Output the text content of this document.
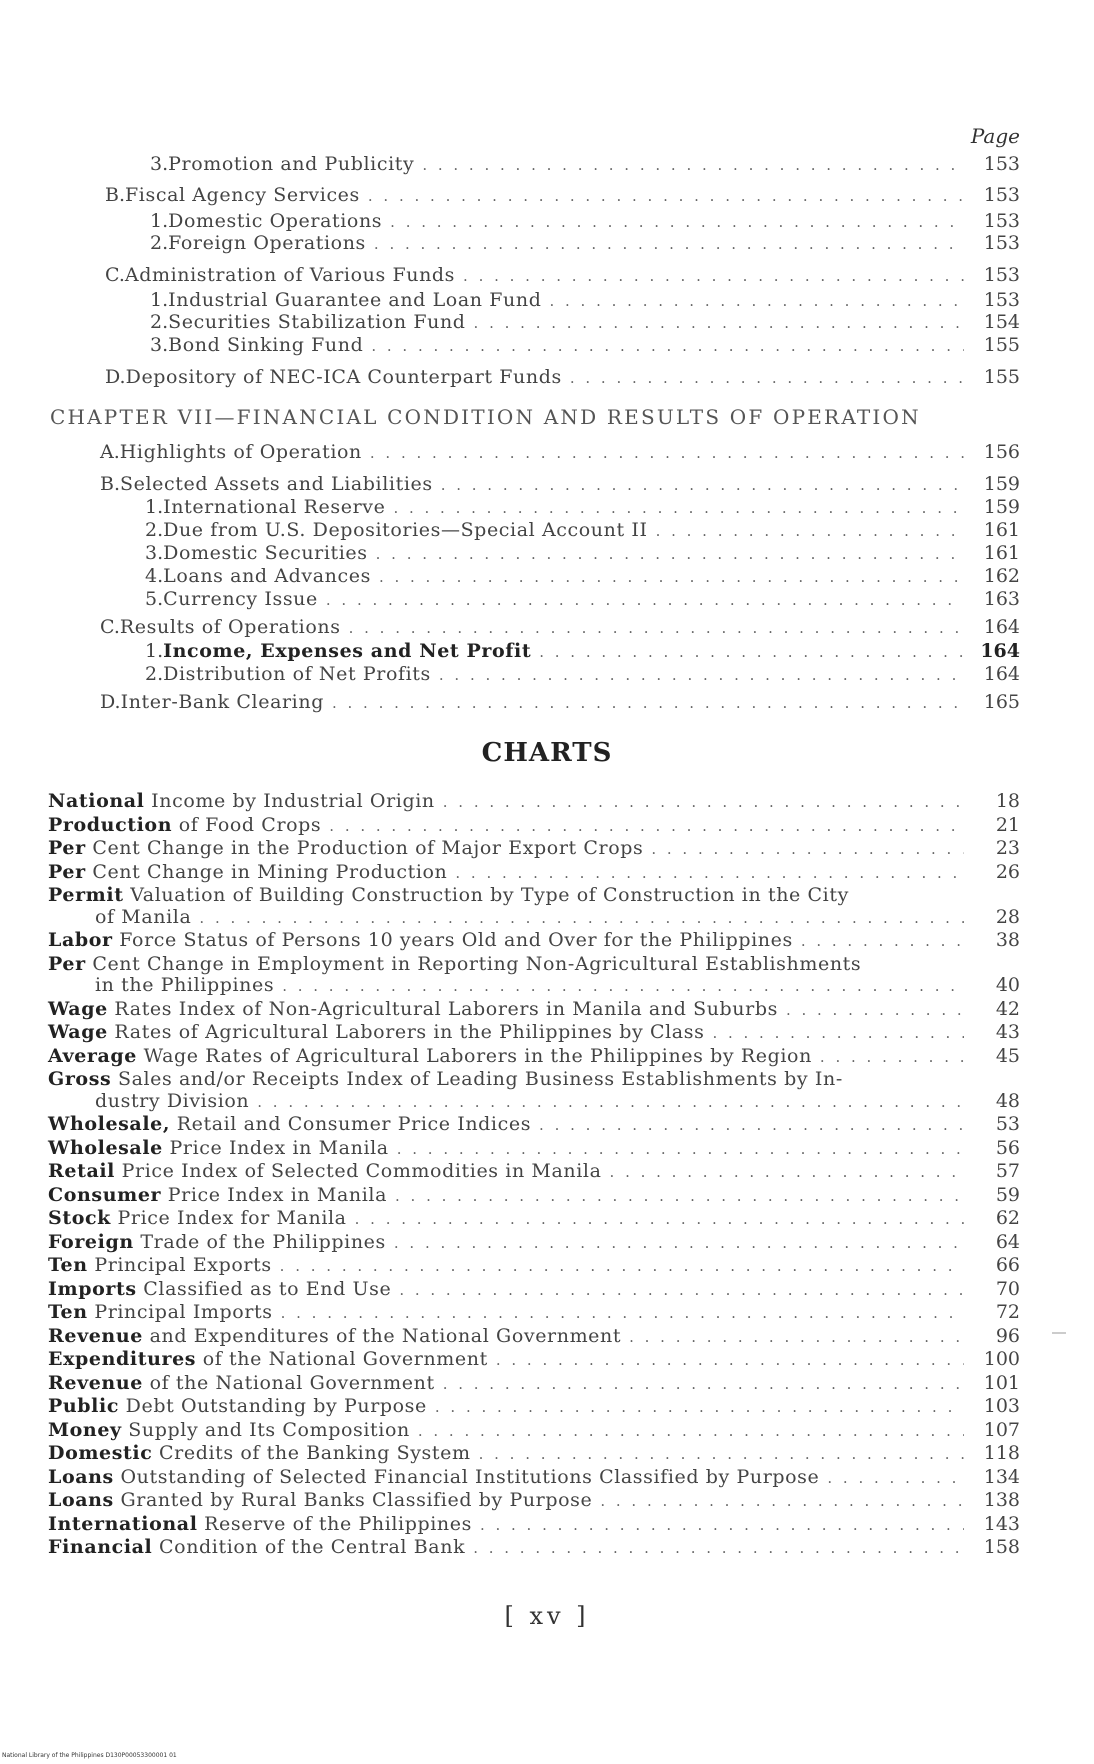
Page
3. Promotion and Publicity . . .	153
B. Fiscal Agency Services . . .	153
1. Domestic Operations . . .	153
2. Foreign Operations . . .	153
C. Administration of Various Funds . . .	153
1. Industrial Guarantee and Loan Fund . . .	153
2. Securities Stabilization Fund . . .	154
3. Bond Sinking Fund . . .	155
D. Depository of NEC-ICA Counterpart Funds . . .	155
A. Highlights of Operation . . .	156
B. Selected Assets and Liabilities . . .	159
1. International Reserve . . .	159
2. Due from U.S. Depositories—Special Account II . . .	161
3. Domestic Securities . . .	161
4. Loans and Advances . . .	162
5. Currency Issue . . .	163
C. Results of Operations . . .	164
1. Income, Expenses and Net Profit . . .	164
2. Distribution of Net Profits . . .	164
D. Inter-Bank Clearing . . .	165
National Income by Industrial Origin . . .	18
Production of Food Crops . . .	21
Per Cent Change in the Production of Major Export Crops . . .	23
Per Cent Change in Mining Production . . .	26
Permit Valuation of Building Construction by Type of Construction in the City
of Manila . . .	28
Labor Force Status of Persons 10 years Old and Over for the Philippines . . .	38
Per Cent Change in Employment in Reporting Non-Agricultural Establishments
in the Philippines . . .	40
Wage Rates Index of Non-Agricultural Laborers in Manila and Suburbs . . .	42
Wage Rates of Agricultural Laborers in the Philippines by Class . . .	43
Average Wage Rates of Agricultural Laborers in the Philippines by Region . . .	45
Gross Sales and/or Receipts Index of Leading Business Establishments by In-
dustry Division . . .	48
Wholesale, Retail and Consumer Price Indices . . .	53
Wholesale Price Index in Manila . . .	56
Retail Price Index of Selected Commodities in Manila . . .	57
Consumer Price Index in Manila . . .	59
Stock Price Index for Manila . . .	62
Foreign Trade of the Philippines . . .	64
Ten Principal Exports . . .	66
Imports Classified as to End Use . . .	70
Ten Principal Imports . . .	72
Revenue and Expenditures of the National Government . . .	96
Expenditures of the National Government . . .	100
Revenue of the National Government . . .	101
Public Debt Outstanding by Purpose . . .	103
Money Supply and Its Composition . . .	107
Domestic Credits of the Banking System . . .	118
Loans Outstanding of Selected Financial Institutions Classified by Purpose . . .	134
Loans Granted by Rural Banks Classified by Purpose . . .	138
International Reserve of the Philippines . . .	143
Financial Condition of the Central Bank . . .	158
CHAPTER VII—FINANCIAL CONDITION AND RESULTS OF OPERATION
CHARTS
[ xv ]
National Library of the Philippines D130P00053300001 01
